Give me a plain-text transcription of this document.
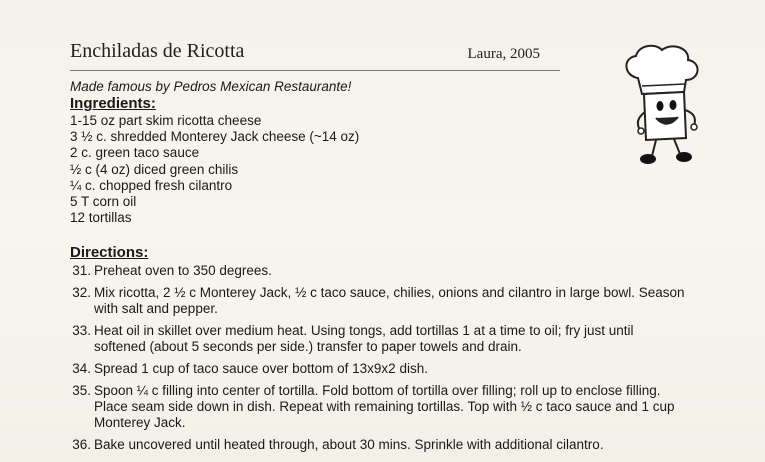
Enchiladas de Ricotta	Laura, 2005
Made famous by Pedros Mexican Restaurante!
Ingredients:
1-15 oz part skim ricotta cheese
3 ½ c. shredded Monterey Jack cheese (~14 oz)
2 c. green taco sauce
½ c (4 oz) diced green chilis
¼ c. chopped fresh cilantro
5 T corn oil
12 tortillas
Directions:
31. Preheat oven to 350 degrees.
32. Mix ricotta, 2 ½ c Monterey Jack, ½ c taco sauce, chilies, onions and cilantro in large bowl. Season with salt and pepper.
33. Heat oil in skillet over medium heat. Using tongs, add tortillas 1 at a time to oil; fry just until softened (about 5 seconds per side.) transfer to paper towels and drain.
34. Spread 1 cup of taco sauce over bottom of 13x9x2 dish.
35. Spoon ¼ c filling into center of tortilla. Fold bottom of tortilla over filling; roll up to enclose filling. Place seam side down in dish. Repeat with remaining tortillas. Top with ½ c taco sauce and 1 cup Monterey Jack.
36. Bake uncovered until heated through, about 30 mins. Sprinkle with additional cilantro.
